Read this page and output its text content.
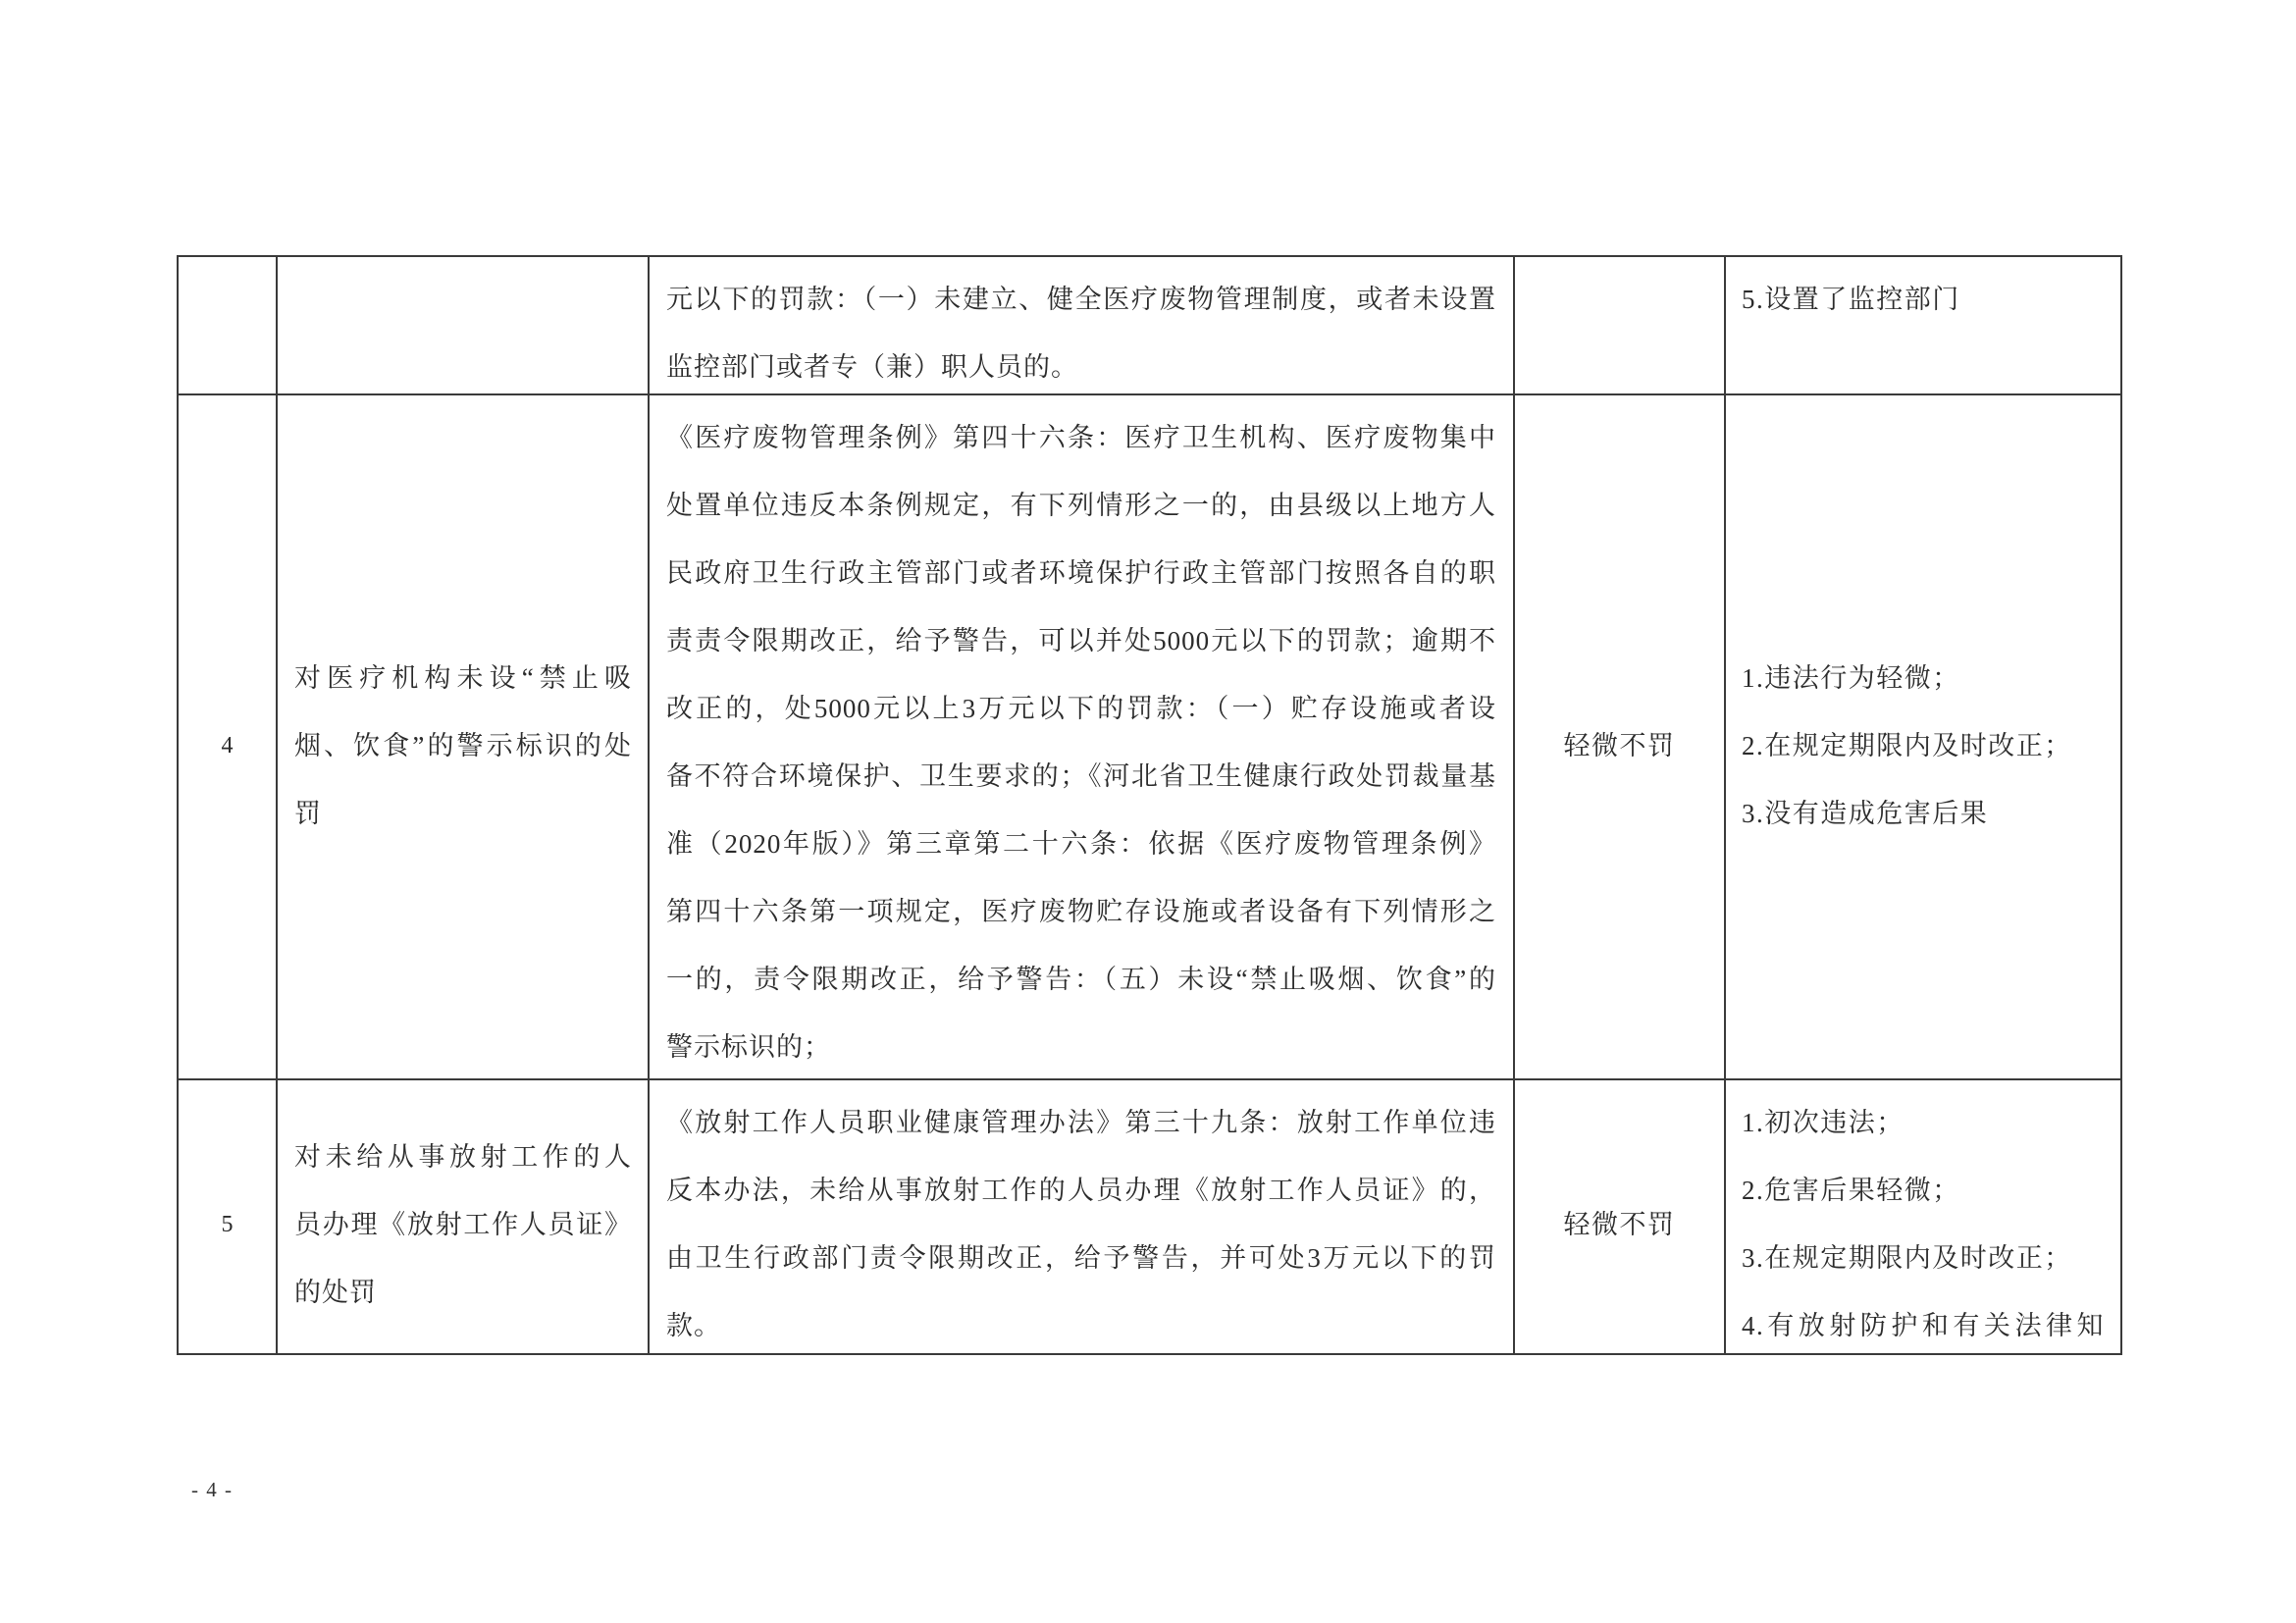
元以下的罚款：（一）未建立、健全医疗废物管理制度，或者未设置
监控部门或者专（兼）职人员的。
5.设置了监控部门
4
对医疗机构未设“禁止吸
烟、饮食”的警示标识的处
罚
《医疗废物管理条例》第四十六条：医疗卫生机构、医疗废物集中
处置单位违反本条例规定，有下列情形之一的，由县级以上地方人
民政府卫生行政主管部门或者环境保护行政主管部门按照各自的职
责责令限期改正，给予警告，可以并处5000元以下的罚款；逾期不
改正的，处5000元以上3万元以下的罚款：（一）贮存设施或者设
备不符合环境保护、卫生要求的；《河北省卫生健康行政处罚裁量基
准（2020年版）》第三章第二十六条：依据《医疗废物管理条例》
第四十六条第一项规定，医疗废物贮存设施或者设备有下列情形之
一的，责令限期改正，给予警告：（五）未设“禁止吸烟、饮食”的
警示标识的；
轻微不罚
1.违法行为轻微；
2.在规定期限内及时改正；
3.没有造成危害后果
5
对未给从事放射工作的人
员办理《放射工作人员证》
的处罚
《放射工作人员职业健康管理办法》第三十九条：放射工作单位违
反本办法，未给从事放射工作的人员办理《放射工作人员证》的，
由卫生行政部门责令限期改正，给予警告，并可处3万元以下的罚
款。
轻微不罚
1.初次违法；
2.危害后果轻微；
3.在规定期限内及时改正；
4.有放射防护和有关法律知
- 4 -
